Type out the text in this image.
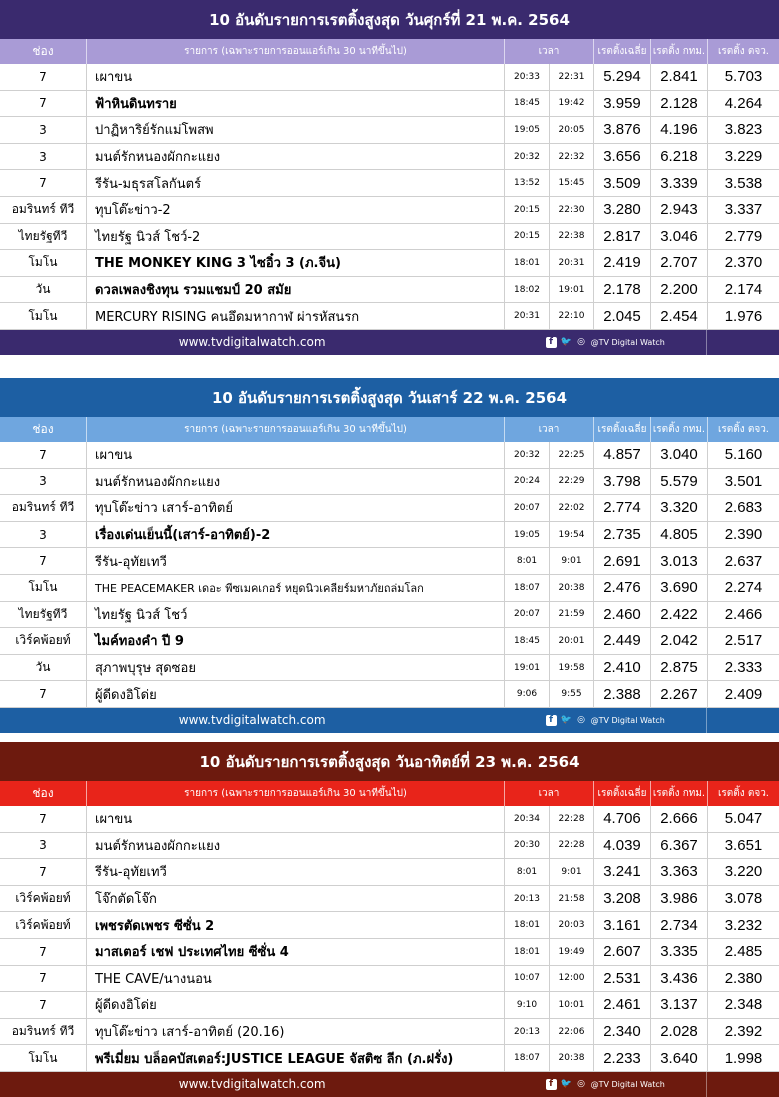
10 อันดับรายการเรตติ้งสูงสุด วันศุกร์ที่ 21 พ.ค. 2564
ช่อง	รายการ (เฉพาะรายการออนแอร์เกิน 30 นาทีขึ้นไป)	เวลา	เรตติ้งเฉลี่ย เรตติ้ง กทม.	เรตติ้ง ตจว.
7	เผาขน	20:33	22:31	5.294	2.841	5.703
7	ฟ้าหินดินทราย	18:45	19:42	3.959	2.128	4.264
3	ปาฏิหาริย์รักแม่โพสพ	19:05	20:05	3.876	4.196	3.823
3	มนต์รักหนองผักกะแยง	20:32	22:32	3.656	6.218	3.229
7	รีรัน-มธุรสโลกันตร์	13:52	15:45	3.509	3.339	3.538
อมรินทร์ ทีวี	ทุบโต๊ะข่าว-2	20:15	22:30	3.280	2.943	3.337
ไทยรัฐทีวี	ไทยรัฐ นิวส์ โชว์-2	20:15	22:38	2.817	3.046	2.779
โมโน	THE MONKEY KING 3 ไซอิ๋ว 3 (ภ.จีน)	18:01	20:31	2.419	2.707	2.370
วัน	ดวลเพลงชิงทุน รวมแชมป์ 20 สมัย	18:02	19:01	2.178	2.200	2.174
โมโน	MERCURY RISING คนอึดมหากาฬ ผ่ารหัสนรก	20:31	22:10	2.045	2.454	1.976
www.tvdigitalwatch.com	f 🐦 ◎ @TV Digital Watch
10 อันดับรายการเรตติ้งสูงสุด วันเสาร์ 22 พ.ค. 2564
ช่อง	รายการ (เฉพาะรายการออนแอร์เกิน 30 นาทีขึ้นไป)	เวลา	เรตติ้งเฉลี่ย เรตติ้ง กทม.	เรตติ้ง ตจว.
7	เผาขน	20:32	22:25	4.857	3.040	5.160
3	มนต์รักหนองผักกะแยง	20:24	22:29	3.798	5.579	3.501
อมรินทร์ ทีวี	ทุบโต๊ะข่าว เสาร์-อาทิตย์	20:07	22:02	2.774	3.320	2.683
3	เรื่องเด่นเย็นนี้(เสาร์-อาทิตย์)-2	19:05	19:54	2.735	4.805	2.390
7	รีรัน-อุทัยเทวี	8:01	9:01	2.691	3.013	2.637
โมโน	THE PEACEMAKER เดอะ พีซเมคเกอร์ หยุดนิวเคลียร์มหาภัยถล่มโลก	18:07	20:38	2.476	3.690	2.274
ไทยรัฐทีวี	ไทยรัฐ นิวส์ โชว์	20:07	21:59	2.460	2.422	2.466
เวิร์คพ้อยท์	ไมค์ทองคำ ปี 9	18:45	20:01	2.449	2.042	2.517
วัน	สุภาพบุรุษ สุดซอย	19:01	19:58	2.410	2.875	2.333
7	ผู้ดีดงอิโด่ย	9:06	9:55	2.388	2.267	2.409
www.tvdigitalwatch.com	f 🐦 ◎ @TV Digital Watch
10 อันดับรายการเรตติ้งสูงสุด วันอาทิตย์ที่ 23 พ.ค. 2564
ช่อง	รายการ (เฉพาะรายการออนแอร์เกิน 30 นาทีขึ้นไป)	เวลา	เรตติ้งเฉลี่ย เรตติ้ง กทม.	เรตติ้ง ตจว.
7	เผาขน	20:34	22:28	4.706	2.666	5.047
3	มนต์รักหนองผักกะแยง	20:30	22:28	4.039	6.367	3.651
7	รีรัน-อุทัยเทวี	8:01	9:01	3.241	3.363	3.220
เวิร์คพ้อยท์	โจ๊กตัดโจ๊ก	20:13	21:58	3.208	3.986	3.078
เวิร์คพ้อยท์	เพชรตัดเพชร ซีซั่น 2	18:01	20:03	3.161	2.734	3.232
7	มาสเตอร์ เชฟ ประเทศไทย ซีซั่น 4	18:01	19:49	2.607	3.335	2.485
7	THE CAVE/นางนอน	10:07	12:00	2.531	3.436	2.380
7	ผู้ดีดงอิโด่ย	9:10	10:01	2.461	3.137	2.348
อมรินทร์ ทีวี	ทุบโต๊ะข่าว เสาร์-อาทิตย์ (20.16)	20:13	22:06	2.340	2.028	2.392
โมโน	พรีเมี่ยม บล็อคบัสเตอร์:JUSTICE LEAGUE จัสติซ ลีก (ภ.ฝรั่ง)	18:07	20:38	2.233	3.640	1.998
www.tvdigitalwatch.com	f 🐦 ◎ @TV Digital Watch
